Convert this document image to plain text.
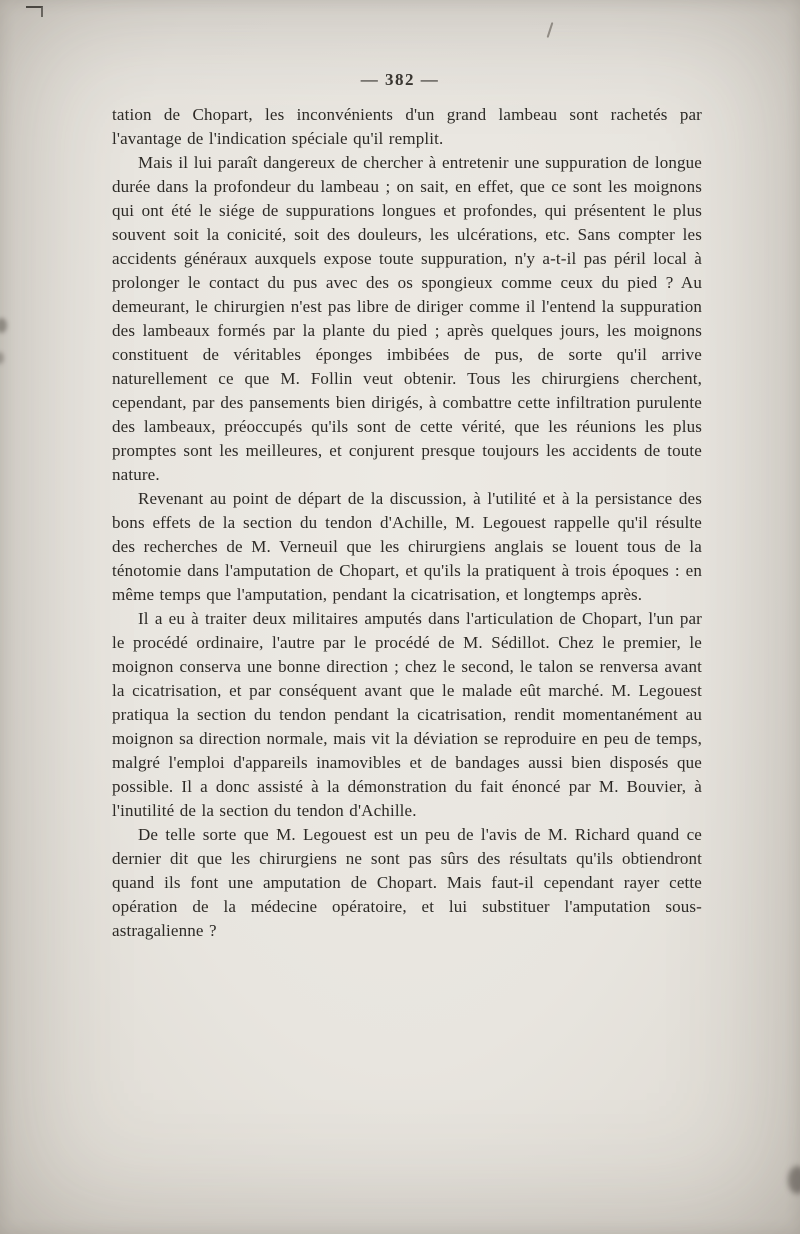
— 382 —

tation de Chopart, les inconvénients d'un grand lambeau sont rachetés par l'avantage de l'indication spéciale qu'il remplit.

Mais il lui paraît dangereux de chercher à entretenir une suppuration de longue durée dans la profondeur du lambeau ; on sait, en effet, que ce sont les moignons qui ont été le siége de suppurations longues et profondes, qui présentent le plus souvent soit la conicité, soit des douleurs, les ulcérations, etc. Sans compter les accidents généraux auxquels expose toute suppuration, n'y a-t-il pas péril local à prolonger le contact du pus avec des os spongieux comme ceux du pied ? Au demeurant, le chirurgien n'est pas libre de diriger comme il l'entend la suppuration des lambeaux formés par la plante du pied ; après quelques jours, les moignons constituent de véritables éponges imbibées de pus, de sorte qu'il arrive naturellement ce que M. Follin veut obtenir. Tous les chirurgiens cherchent, cependant, par des pansements bien dirigés, à combattre cette infiltration purulente des lambeaux, préoccupés qu'ils sont de cette vérité, que les réunions les plus promptes sont les meilleures, et conjurent presque toujours les accidents de toute nature.

Revenant au point de départ de la discussion, à l'utilité et à la persistance des bons effets de la section du tendon d'Achille, M. Legouest rappelle qu'il résulte des recherches de M. Verneuil que les chirurgiens anglais se louent tous de la ténotomie dans l'amputation de Chopart, et qu'ils la pratiquent à trois époques : en même temps que l'amputation, pendant la cicatrisation, et longtemps après.

Il a eu à traiter deux militaires amputés dans l'articulation de Chopart, l'un par le procédé ordinaire, l'autre par le procédé de M. Sédillot. Chez le premier, le moignon conserva une bonne direction ; chez le second, le talon se renversa avant la cicatrisation, et par conséquent avant que le malade eût marché. M. Legouest pratiqua la section du tendon pendant la cicatrisation, rendit momentanément au moignon sa direction normale, mais vit la déviation se reproduire en peu de temps, malgré l'emploi d'appareils inamovibles et de bandages aussi bien disposés que possible. Il a donc assisté à la démonstration du fait énoncé par M. Bouvier, à l'inutilité de la section du tendon d'Achille.

De telle sorte que M. Legouest est un peu de l'avis de M. Richard quand ce dernier dit que les chirurgiens ne sont pas sûrs des résultats qu'ils obtiendront quand ils font une amputation de Chopart. Mais faut-il cependant rayer cette opération de la médecine opératoire, et lui substituer l'amputation sous-astragalienne ?
